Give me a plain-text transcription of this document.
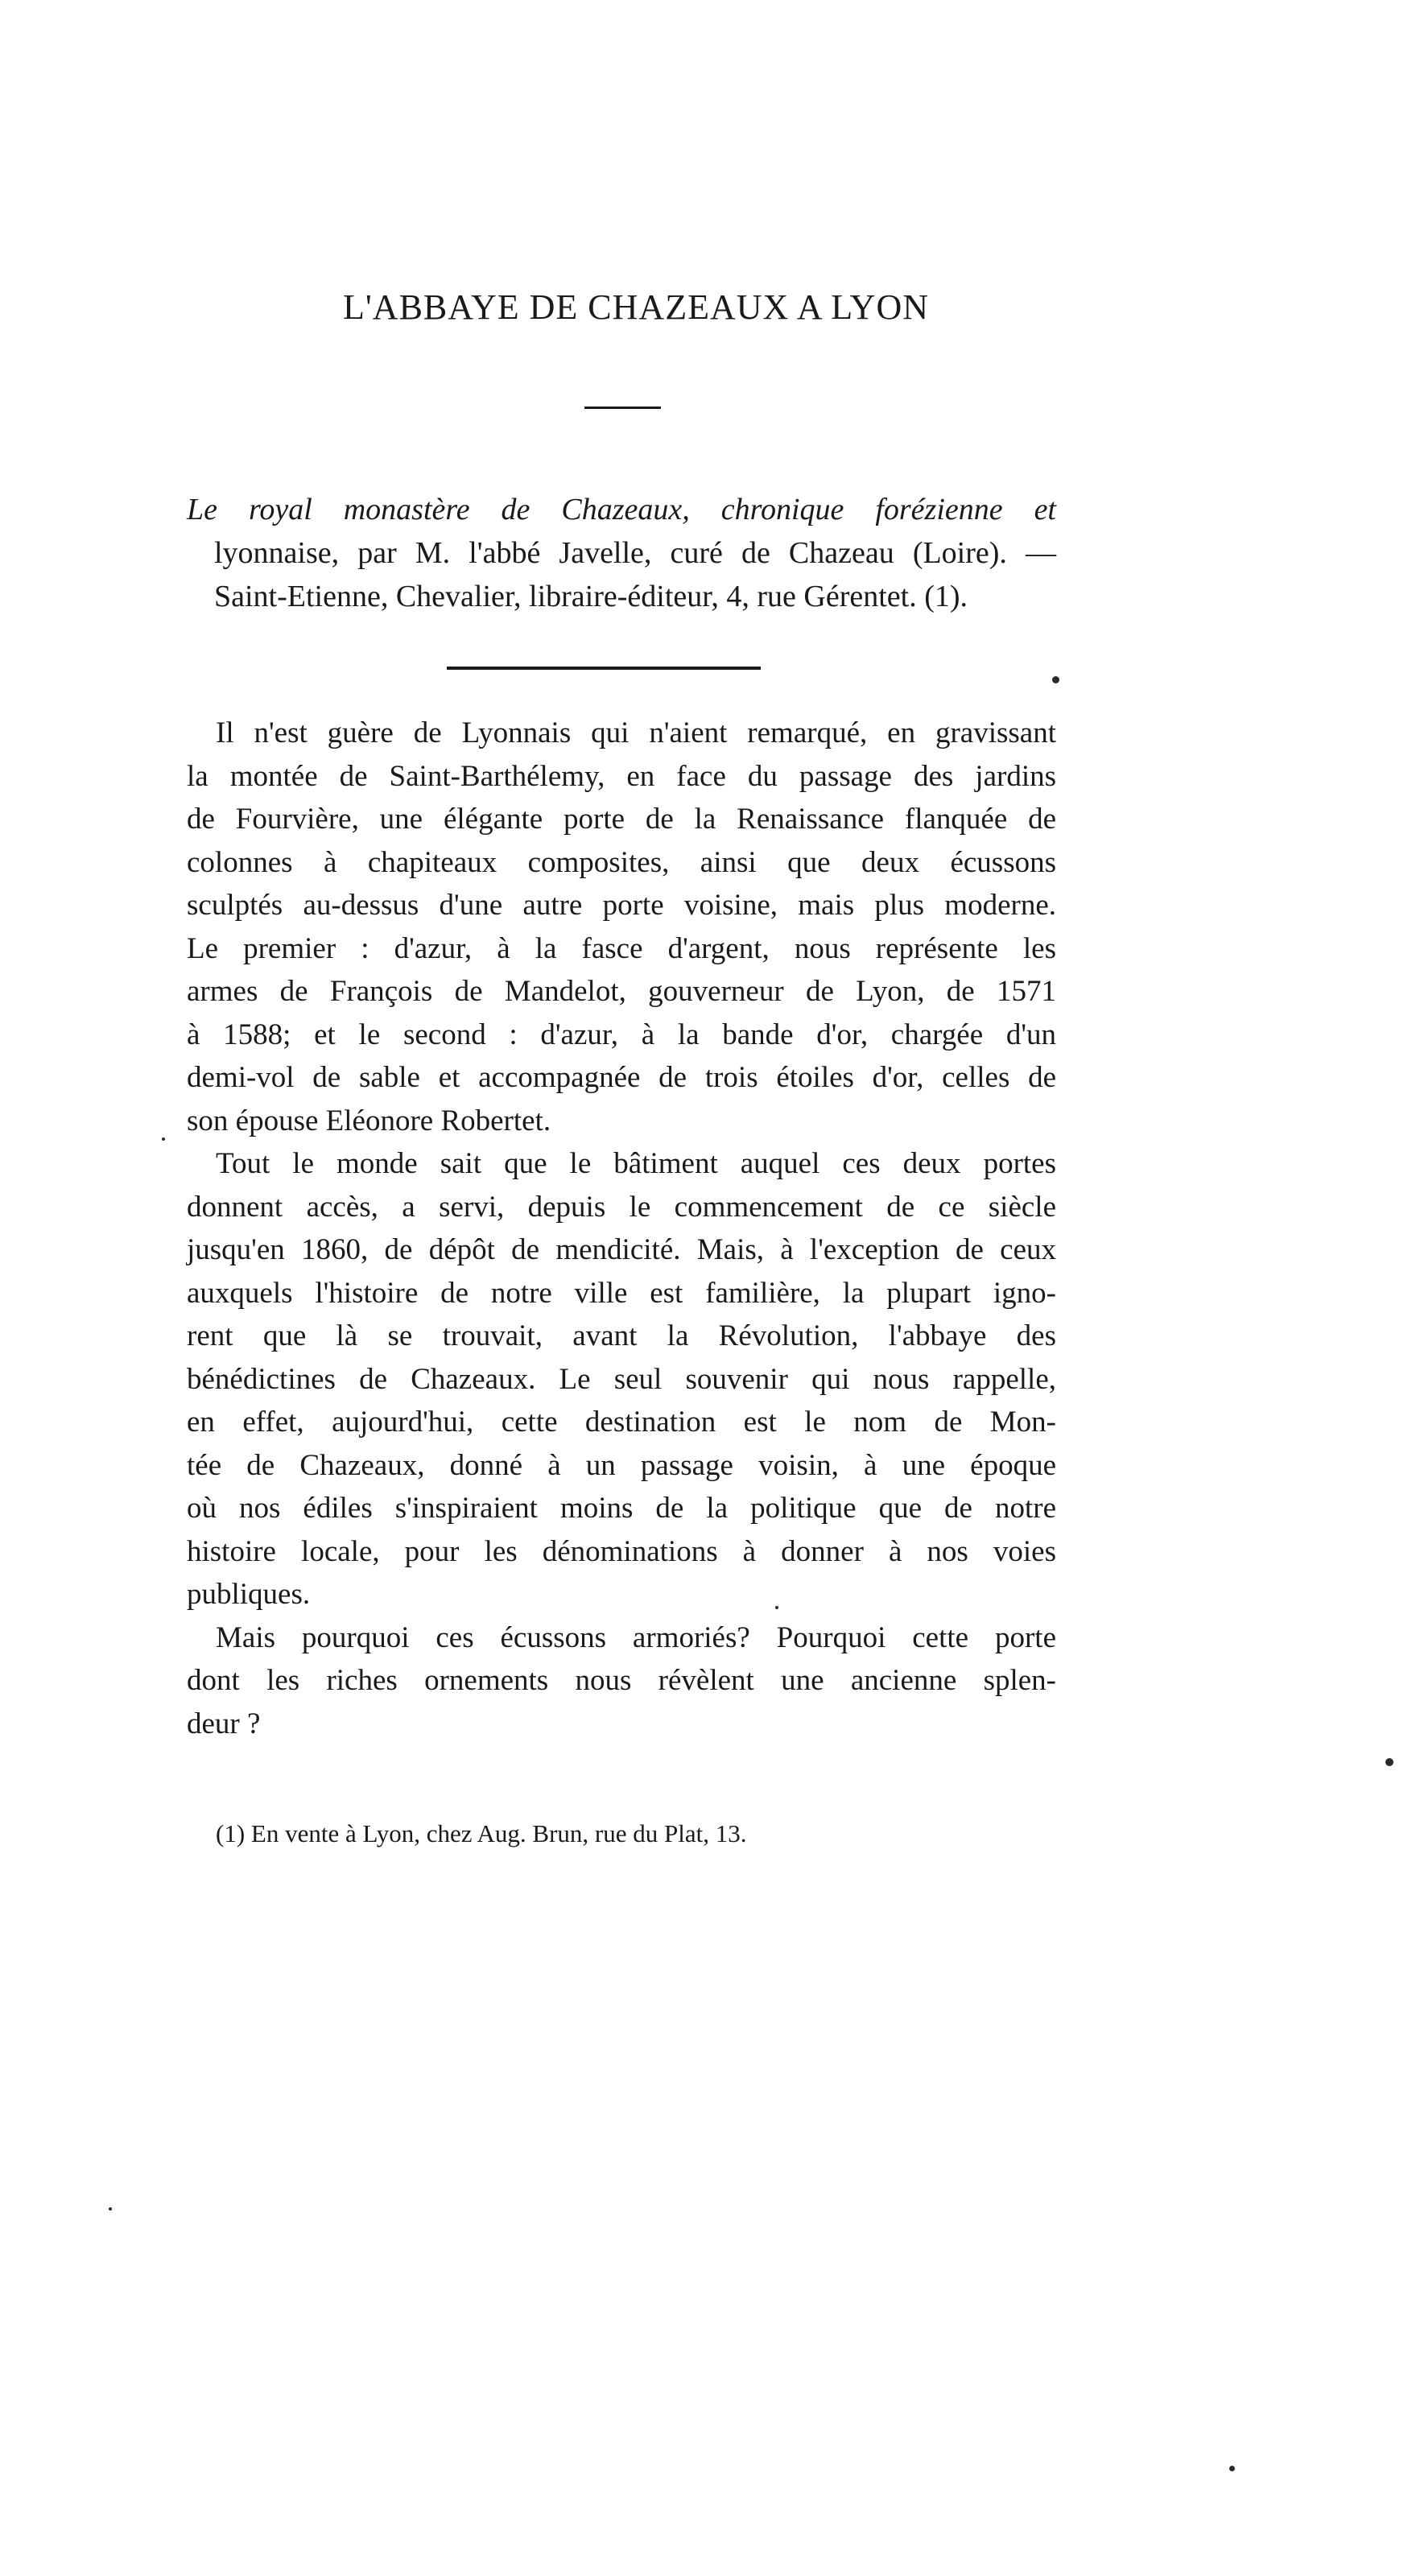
L'ABBAYE DE CHAZEAUX A LYON

Le royal monastère de Chazeaux, chronique forézienne et
lyonnaise, par M. l'abbé Javelle, curé de Chazeau (Loire). —
Saint-Etienne, Chevalier, libraire-éditeur, 4, rue Gérentet. (1).

Il n'est guère de Lyonnais qui n'aient remarqué, en gravissant
la montée de Saint-Barthélemy, en face du passage des jardins
de Fourvière, une élégante porte de la Renaissance flanquée de
colonnes à chapiteaux composites, ainsi que deux écussons
sculptés au-dessus d'une autre porte voisine, mais plus moderne.
Le premier : d'azur, à la fasce d'argent, nous représente les
armes de François de Mandelot, gouverneur de Lyon, de 1571
à 1588; et le second : d'azur, à la bande d'or, chargée d'un
demi-vol de sable et accompagnée de trois étoiles d'or, celles de
son épouse Eléonore Robertet.
Tout le monde sait que le bâtiment auquel ces deux portes
donnent accès, a servi, depuis le commencement de ce siècle
jusqu'en 1860, de dépôt de mendicité. Mais, à l'exception de ceux
auxquels l'histoire de notre ville est familière, la plupart igno-
rent que là se trouvait, avant la Révolution, l'abbaye des
bénédictines de Chazeaux. Le seul souvenir qui nous rappelle,
en effet, aujourd'hui, cette destination est le nom de Mon-
tée de Chazeaux, donné à un passage voisin, à une époque
où nos édiles s'inspiraient moins de la politique que de notre
histoire locale, pour les dénominations à donner à nos voies
publiques.
Mais pourquoi ces écussons armoriés? Pourquoi cette porte
dont les riches ornements nous révèlent une ancienne splen-
deur ?

(1) En vente à Lyon, chez Aug. Brun, rue du Plat, 13.
